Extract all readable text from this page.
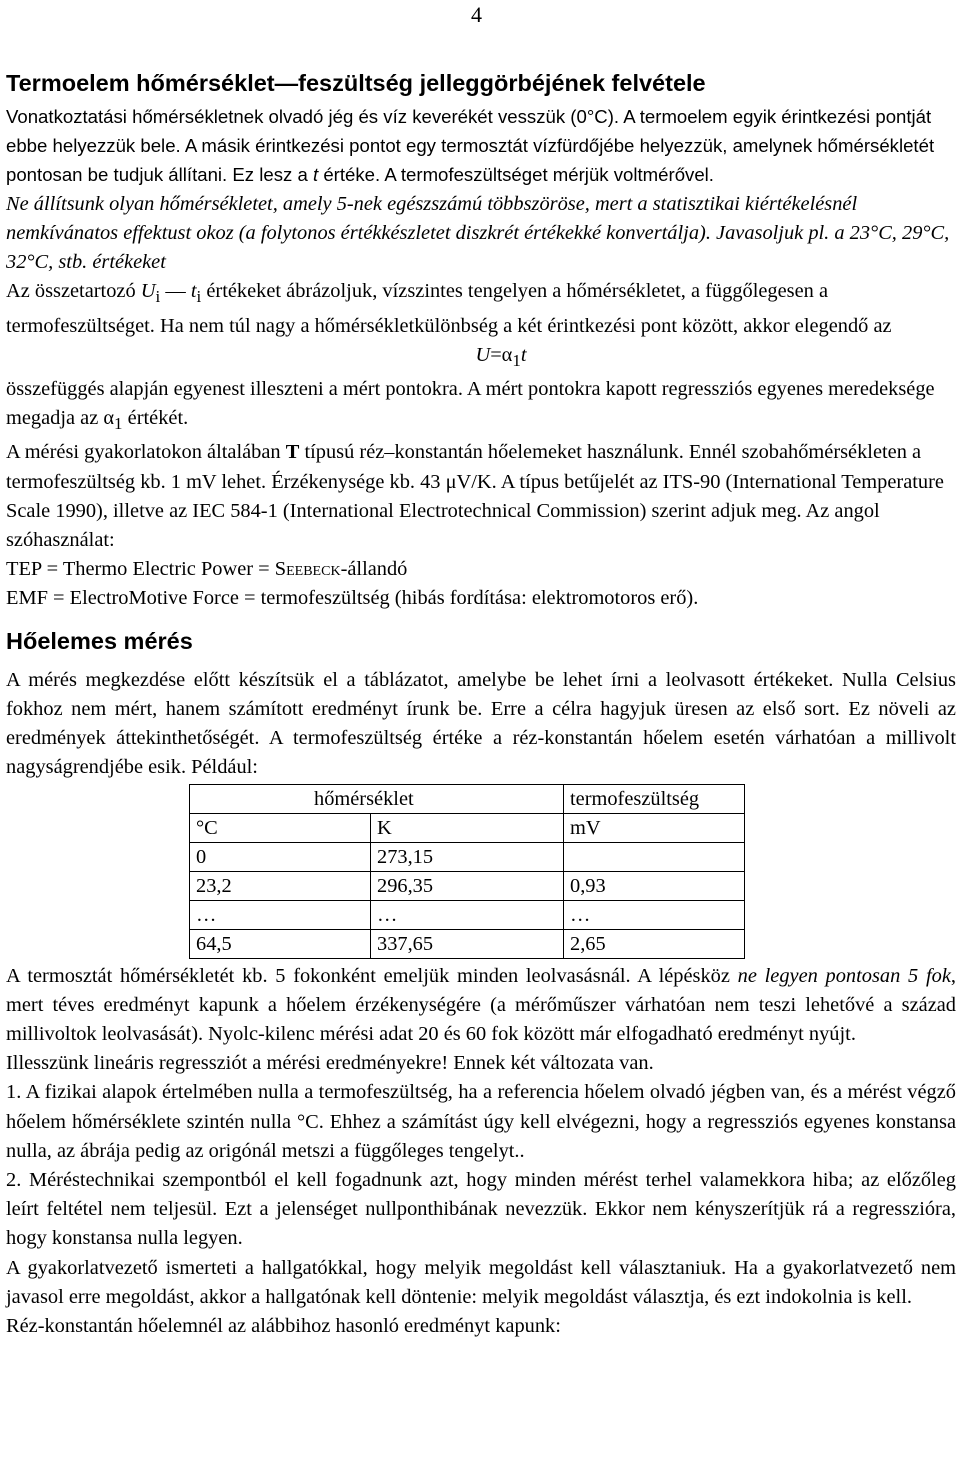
4
Termoelem hőmérséklet—feszültség jelleggörbéjének felvétele

Vonatkoztatási hőmérsékletnek olvadó jég és víz keverékét vesszük (0°C). A termoelem egyik érintkezési pontját ebbe helyezzük bele. A másik érintkezési pontot egy termosztát vízfürdőjébe helyezzük, amelynek hőmérsékletét pontosan be tudjuk állítani. Ez lesz a t értéke. A termofeszültséget mérjük voltmérővel.

Ne állítsunk olyan hőmérsékletet, amely 5-nek egészszámú többszöröse, mert a statisztikai kiértékelésnél nemkívánatos effektust okoz (a folytonos értékkészletet diszkrét értékekké konvertálja). Javasoljuk pl. a 23°C, 29°C, 32°C, stb. értékeket

Az összetartozó $U_i$ — $t_i$ értékeket ábrázoljuk, vízszintes tengelyen a hőmérsékletet, a függőlegesen a termofeszültséget. Ha nem túl nagy a hőmérsékletkülönbség a két érintkezési pont között, akkor elegendő az

$U=\alpha_1t$

összefüggés alapján egyenest illeszteni a mért pontokra. A mért pontokra kapott regressziós egyenes meredeksége megadja az $\alpha_1$ értékét.

A mérési gyakorlatokon általában T típusú réz–konstantán hőelemeket használunk. Ennél szobahőmérsékleten a termofeszültség kb. 1 mV lehet. Érzékenysége kb. 43 μV/K. A típus betűjelét az ITS-90 (International Temperature Scale 1990), illetve az IEC 584-1 (International Electrotechnical Commission) szerint adjuk meg. Az angol szóhasználat:

TEP = Thermo Electric Power = Seebeck-állandó

EMF = ElectroMotive Force = termofeszültség (hibás fordítása: elektromotoros erő).

Hőelemes mérés

A mérés megkezdése előtt készítsük el a táblázatot, amelybe be lehet írni a leolvasott értékeket. Nulla Celsius fokhoz nem mért, hanem számított eredményt írunk be. Erre a célra hagyjuk üresen az első sort. Ez növeli az eredmények áttekinthetőségét. A termofeszültség értéke a réz-konstantán hőelem esetén várhatóan a millivolt nagyságrendjébe esik. Például:

hőmérséklet		termofeszültség
°C	K	mV
0	273,15	
23,2	296,35	0,93
…	…	…
64,5	337,65	2,65

A termosztát hőmérsékletét kb. 5 fokonként emeljük minden leolvasásnál. A lépésköz ne legyen pontosan 5 fok, mert téves eredményt kapunk a hőelem érzékenységére (a mérőműszer várhatóan nem teszi lehetővé a század millivoltok leolvasását). Nyolc-kilenc mérési adat 20 és 60 fok között már elfogadható eredményt nyújt.

Illesszünk lineáris regressziót a mérési eredményekre! Ennek két változata van.

1. A fizikai alapok értelmében nulla a termofeszültség, ha a referencia hőelem olvadó jégben van, és a mérést végző hőelem hőmérséklete szintén nulla °C. Ehhez a számítást úgy kell elvégezni, hogy a regressziós egyenes konstansa nulla, az ábrája pedig az origónál metszi a függőleges tengelyt..

2. Méréstechnikai szempontból el kell fogadnunk azt, hogy minden mérést terhel valamekkora hiba; az előzőleg leírt feltétel nem teljesül. Ezt a jelenséget nullponthibának nevezzük. Ekkor nem kényszerítjük rá a regresszióra, hogy konstansa nulla legyen.

A gyakorlatvezető ismerteti a hallgatókkal, hogy melyik megoldást kell választaniuk. Ha a gyakorlatvezető nem javasol erre megoldást, akkor a hallgatónak kell döntenie: melyik megoldást választja, és ezt indokolnia is kell.

Réz-konstantán hőelemnél az alábbihoz hasonló eredményt kapunk:
